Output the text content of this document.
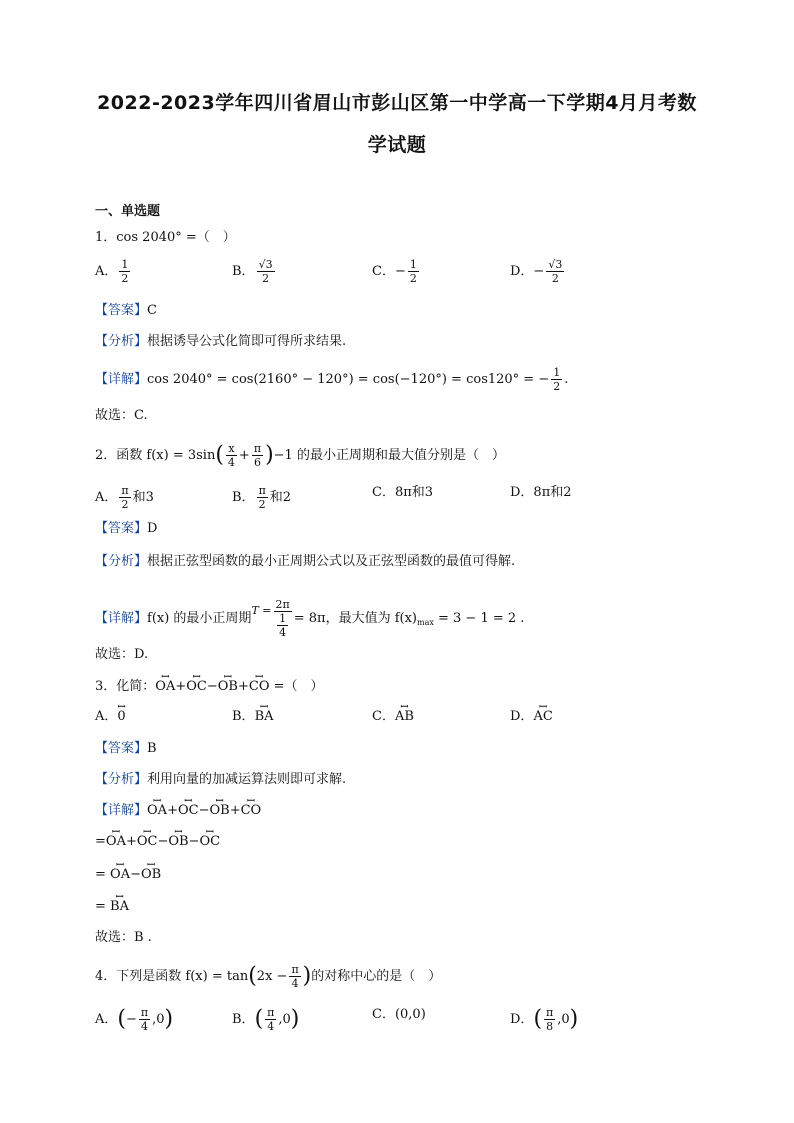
2022-2023学年四川省眉山市彭山区第一中学高一下学期4月月考数
学试题
一、单选题
1．cos 2040° =（　）
A． $\frac{1}{2}$	B． $\frac{√3}{2}$	C．− $\frac{1}{2}$	D．− $\frac{√3}{2}$
【答案】C
【分析】根据诱导公式化简即可得所求结果.
【详解】cos 2040° = cos(2160° − 120°) = cos(−120°) = cos120° = − $\frac{1}{2}$ .
故选：C.
2．函数 $f(x) = 3\sin( \frac{x}{4} + \frac{\pi}{6} )-1$ 的最小正周期和最大值分别是（　）
A． $\frac{\pi}{2}$ 和3	B． $\frac{\pi}{2}$ 和2	C．8π和3	D．8π和2
【答案】D
【分析】根据正弦型函数的最小正周期公式以及正弦型函数的最值可得解.
【详解】f(x) 的最小正周期$^{T =} \frac{2\pi}{\frac{1}{4}} = 8\pi$，最大值为 $f(x)_{max} = 3 - 1 = 2$ .
故选：D.
3．化简：ꟷ OA+ꟷ OC−ꟷ OB+ꟷ CO =（　）
A．ꟷ 0	B．ꟷ BA	C．ꟷ AB	D．ꟷ AC
【答案】B
【分析】利用向量的加减运算法则即可求解.
【详解】ꟷ OA+ꟷ OC−ꟷ OB+ꟷ CO
=ꟷ OA+ꟷ OC−ꟷ OB−ꟷ OC
= ꟷ OA−ꟷ OB
= ꟷ BA
故选：B .
4．下列是函数 $f(x) = \tan(2x - \frac{\pi}{4}$ )的对称中心的是（　）
A．(− $\frac{\pi}{4} ,0$)	B．( $\frac{\pi}{4} ,0$)	C．(0,0)	D．( $\frac{\pi}{8} ,0$)
